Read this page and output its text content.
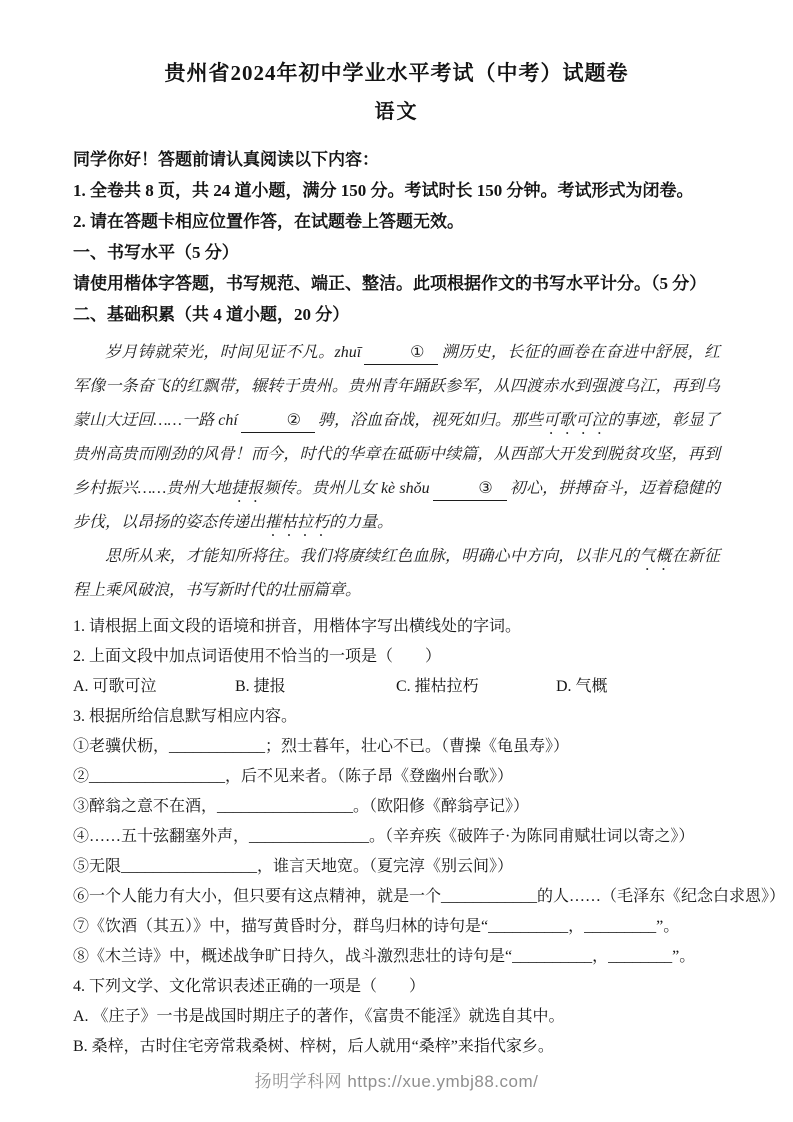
贵州省2024年初中学业水平考试（中考）试题卷
语文
同学你好！答题前请认真阅读以下内容：
1. 全卷共 8 页，共 24 道小题，满分 150 分。考试时长 150 分钟。考试形式为闭卷。
2. 请在答题卡相应位置作答，在试题卷上答题无效。
一、书写水平（5 分）
请使用楷体字答题，书写规范、端正、整洁。此项根据作文的书写水平计分。（5 分）
二、基础积累（共 4 道小题，20 分）

岁月铸就荣光，时间见证不凡。zhuī	① 溯历史，长征的画卷在奋进中舒展，红军像一条奋飞的红飘带，辗转于贵州。贵州青年踊跃参军，从四渡赤水到强渡乌江，再到乌蒙山大迂回……一路 chí	② 骋，浴血奋战，视死如归。那些可歌可泣的事迹，彰显了贵州高贵而刚劲的风骨！而今，时代的华章在砥砺中续篇，从西部大开发到脱贫攻坚，再到乡村振兴……贵州大地捷报频传。贵州儿女 kè shǒu	③ 初心，拼搏奋斗，迈着稳健的步伐，以昂扬的姿态传递出摧枯拉朽的力量。

思所从来，才能知所将往。我们将赓续红色血脉，明确心中方向，以非凡的气概在新征程上乘风破浪，书写新时代的壮丽篇章。

1. 请根据上面文段的语境和拼音，用楷体字写出横线处的字词。
2. 上面文段中加点词语使用不恰当的一项是（　　）
A. 可歌可泣	B. 捷报	C. 摧枯拉朽	D. 气概
3. 根据所给信息默写相应内容。
①老骥伏枥，____________；烈士暮年，壮心不已。（曹操《龟虽寿》）
②_________________，后不见来者。（陈子昂《登幽州台歌》）
③醉翁之意不在酒，_________________。（欧阳修《醉翁亭记》）
④……五十弦翻塞外声，_______________。（辛弃疾《破阵子·为陈同甫赋壮词以寄之》）
⑤无限_________________，谁言天地宽。（夏完淳《别云间》）
⑥一个人能力有大小，但只要有这点精神，就是一个____________的人……（毛泽东《纪念白求恩》）
⑦《饮酒（其五）》中，描写黄昏时分，群鸟归林的诗句是“__________，_________”。
⑧《木兰诗》中，概述战争旷日持久，战斗激烈悲壮的诗句是“__________，________”。
4. 下列文学、文化常识表述正确的一项是（　　）
A. 《庄子》一书是战国时期庄子的著作，《富贵不能淫》就选自其中。
B. 桑梓，古时住宅旁常栽桑树、梓树，后人就用“桑梓”来指代家乡。
扬明学科网 https://xue.ymbj88.com/
